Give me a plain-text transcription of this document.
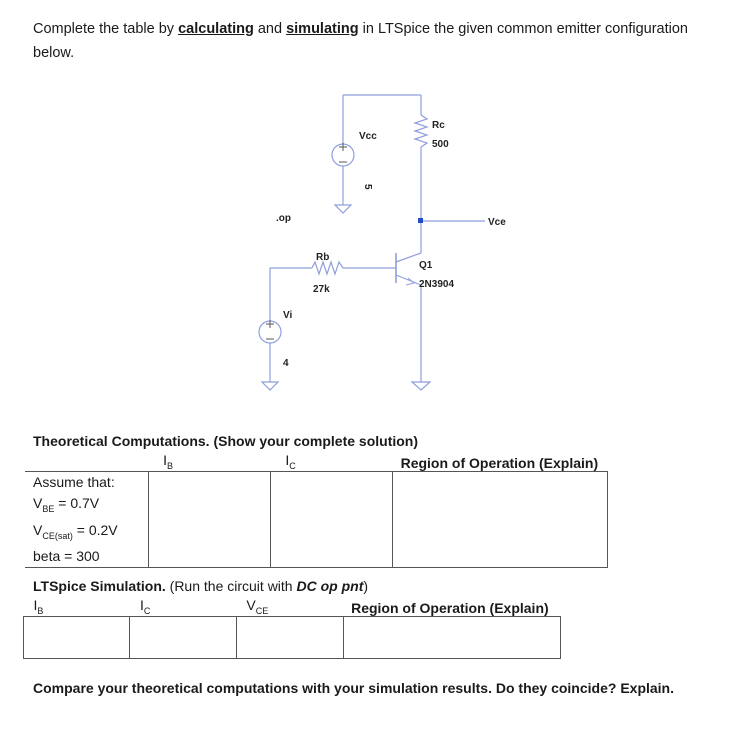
Complete the table by calculating and simulating in LTSpice the given common emitter configuration below.
Vcc
5
Rc
500
Vce
.op
Rb
27k
Q1
2N3904
Vi
4
Theoretical Computations. (Show your complete solution)
	$I_B$	$I_C$	Region of Operation (Explain)

Assume that:
$V_{BE} = 0.7V$
$V_{CE(sat)} = 0.2V$
beta = 300			

LTSpice Simulation. (Run the circuit with DC op pnt)
$I_B$	$I_C$	$V_{CE}$	Region of Operation (Explain)

Compare your theoretical computations with your simulation results. Do they coincide? Explain.
